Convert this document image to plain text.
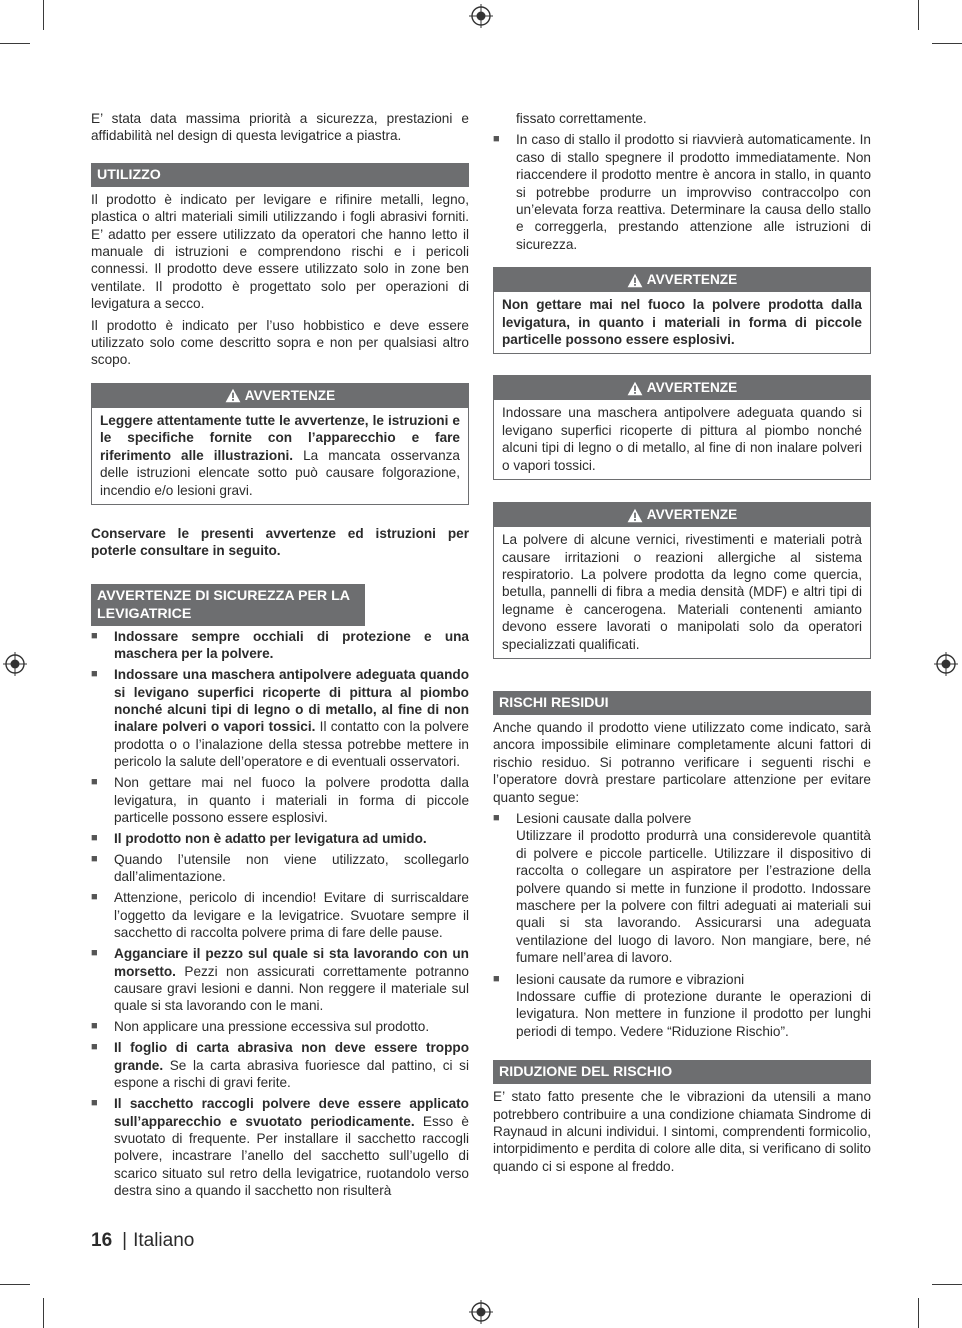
E’ stata data massima priorità a sicurezza, prestazioni e affidabilità nel design di questa levigatrice a piastra.

UTILIZZO

Il prodotto è indicato per levigare e rifinire metalli, legno, plastica o altri materiali simili utilizzando i fogli abrasivi forniti. E’ adatto per essere utilizzato da operatori che hanno letto il manuale di istruzioni e comprendono rischi e i pericoli connessi. Il prodotto deve essere utilizzato solo in zone ben ventilate. Il prodotto è progettato solo per operazioni di levigatura a secco.

Il prodotto è indicato per l’uso hobbistico e deve essere utilizzato solo come descritto sopra e non per qualsiasi altro scopo.

AVVERTENZE
Leggere attentamente tutte le avvertenze, le istruzioni e le specifiche fornite con l’apparecchio e fare riferimento alle illustrazioni. La mancata osservanza delle istruzioni elencate sotto può causare folgorazione, incendio e/o lesioni gravi.

Conservare le presenti avvertenze ed istruzioni per poterle consultare in seguito.

AVVERTENZE DI SICUREZZA PER LA LEVIGATRICE
■ Indossare sempre occhiali di protezione e una maschera per la polvere.
■ Indossare una maschera antipolvere adeguata quando si levigano superfici ricoperte di pittura al piombo nonché alcuni tipi di legno o di metallo, al fine di non inalare polveri o vapori tossici. Il contatto con la polvere prodotta o o l’inalazione della stessa potrebbe mettere in pericolo la salute dell’operatore e di eventuali osservatori.
■ Non gettare mai nel fuoco la polvere prodotta dalla levigatura, in quanto i materiali in forma di piccole particelle possono essere esplosivi.
■ Il prodotto non è adatto per levigatura ad umido.
■ Quando l’utensile non viene utilizzato, scollegarlo dall’alimentazione.
■ Attenzione, pericolo di incendio! Evitare di surriscaldare l’oggetto da levigare e la levigatrice. Svuotare sempre il sacchetto di raccolta polvere prima di fare delle pause.
■ Agganciare il pezzo sul quale si sta lavorando con un morsetto. Pezzi non assicurati correttamente potranno causare gravi lesioni e danni. Non reggere il materiale sul quale si sta lavorando con le mani.
■ Non applicare una pressione eccessiva sul prodotto.
■ Il foglio di carta abrasiva non deve essere troppo grande. Se la carta abrasiva fuoriesce dal pattino, ci si espone a rischi di gravi ferite.
■ Il sacchetto raccogli polvere deve essere applicato sull’apparecchio e svuotato periodicamente. Esso è svuotato di frequente. Per installare il sacchetto raccogli polvere, incastrare l’anello del sacchetto sull’ugello di scarico situato sul retro della levigatrice, ruotandolo verso destra sino a quando il sacchetto non risulterà

fissato correttamente.

■ In caso di stallo il prodotto si riavvierà automaticamente. In caso di stallo spegnere il prodotto immediatamente. Non riaccendere il prodotto mentre è ancora in stallo, in quanto si potrebbe produrre un improvviso contraccolpo con un’elevata forza reattiva. Determinare la causa dello stallo e correggerla, prestando attenzione alle istruzioni di sicurezza.
AVVERTENZE
Non gettare mai nel fuoco la polvere prodotta dalla levigatura, in quanto i materiali in forma di piccole particelle possono essere esplosivi.
AVVERTENZE
Indossare una maschera antipolvere adeguata quando si levigano superfici ricoperte di pittura al piombo nonché alcuni tipi di legno o di metallo, al fine di non inalare polveri o vapori tossici.
AVVERTENZE
La polvere di alcune vernici, rivestimenti e materiali potrà causare irritazioni o reazioni allergiche al sistema respiratorio. La polvere prodotta da legno come quercia, betulla, pannelli di fibra a media densità (MDF) e altri tipi di legname è cancerogena. Materiali contenenti amianto devono essere lavorati o manipolati solo da operatori specializzati qualificati.
RISCHI RESIDUI

Anche quando il prodotto viene utilizzato come indicato, sarà ancora impossibile eliminare completamente alcuni fattori di rischio residuo. Si potranno verificare i seguenti rischi e l’operatore dovrà prestare particolare attenzione per evitare quanto segue:

■ Lesioni causate dalla polvere
Utilizzare il prodotto produrrà una considerevole quantità di polvere e piccole particelle. Utilizzare il dispositivo di raccolta o collegare un aspiratore per l’estrazione della polvere quando si mette in funzione il prodotto. Indossare maschere per la polvere con filtri adeguati ai materiali sui quali si sta lavorando. Assicurarsi una adeguata ventilazione del luogo di lavoro. Non mangiare, bere, né fumare nell’area di lavoro.
■ lesioni causate da rumore e vibrazioni
Indossare cuffie di protezione durante le operazioni di levigatura. Non mettere in funzione il prodotto per lunghi periodi di tempo. Vedere “Riduzione Rischio”.
RIDUZIONE DEL RISCHIO

E’ stato fatto presente che le vibrazioni da utensili a mano potrebbero contribuire a una condizione chiamata Sindrome di Raynaud in alcuni individui. I sintomi, comprendenti formicolio, intorpidimento e perdita di colore alle dita, si verificano di solito quando ci si espone al freddo.

16 | Italiano
